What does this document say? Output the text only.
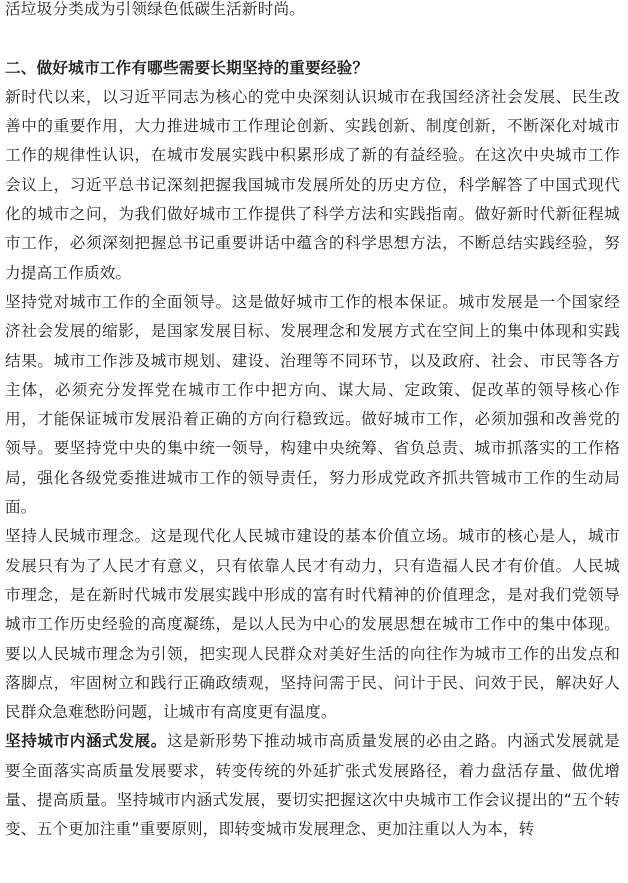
活垃圾分类成为引领绿色低碳生活新时尚。

二、做好城市工作有哪些需要长期坚持的重要经验？

新时代以来，以习近平同志为核心的党中央深刻认识城市在我国经济社会发展、民生改善中的重要作用，大力推进城市工作理论创新、实践创新、制度创新，不断深化对城市工作的规律性认识，在城市发展实践中积累形成了新的有益经验。在这次中央城市工作会议上，习近平总书记深刻把握我国城市发展所处的历史方位，科学解答了中国式现代化的城市之问，为我们做好城市工作提供了科学方法和实践指南。做好新时代新征程城市工作，必须深刻把握总书记重要讲话中蕴含的科学思想方法，不断总结实践经验，努力提高工作质效。

坚持党对城市工作的全面领导。这是做好城市工作的根本保证。城市发展是一个国家经济社会发展的缩影，是国家发展目标、发展理念和发展方式在空间上的集中体现和实践结果。城市工作涉及城市规划、建设、治理等不同环节，以及政府、社会、市民等各方主体，必须充分发挥党在城市工作中把方向、谋大局、定政策、促改革的领导核心作用，才能保证城市发展沿着正确的方向行稳致远。做好城市工作，必须加强和改善党的领导。要坚持党中央的集中统一领导，构建中央统筹、省负总责、城市抓落实的工作格局，强化各级党委推进城市工作的领导责任，努力形成党政齐抓共管城市工作的生动局面。

坚持人民城市理念。这是现代化人民城市建设的基本价值立场。城市的核心是人，城市发展只有为了人民才有意义，只有依靠人民才有动力，只有造福人民才有价值。人民城市理念，是在新时代城市发展实践中形成的富有时代精神的价值理念，是对我们党领导城市工作历史经验的高度凝练，是以人民为中心的发展思想在城市工作中的集中体现。要以人民城市理念为引领，把实现人民群众对美好生活的向往作为城市工作的出发点和落脚点，牢固树立和践行正确政绩观，坚持问需于民、问计于民、问效于民，解决好人民群众急难愁盼问题，让城市有高度更有温度。

坚持城市内涵式发展。这是新形势下推动城市高质量发展的必由之路。内涵式发展就是要全面落实高质量发展要求，转变传统的外延扩张式发展路径，着力盘活存量、做优增量、提高质量。坚持城市内涵式发展，要切实把握这次中央城市工作会议提出的“五个转变、五个更加注重”重要原则，即转变城市发展理念、更加注重以人为本，转
